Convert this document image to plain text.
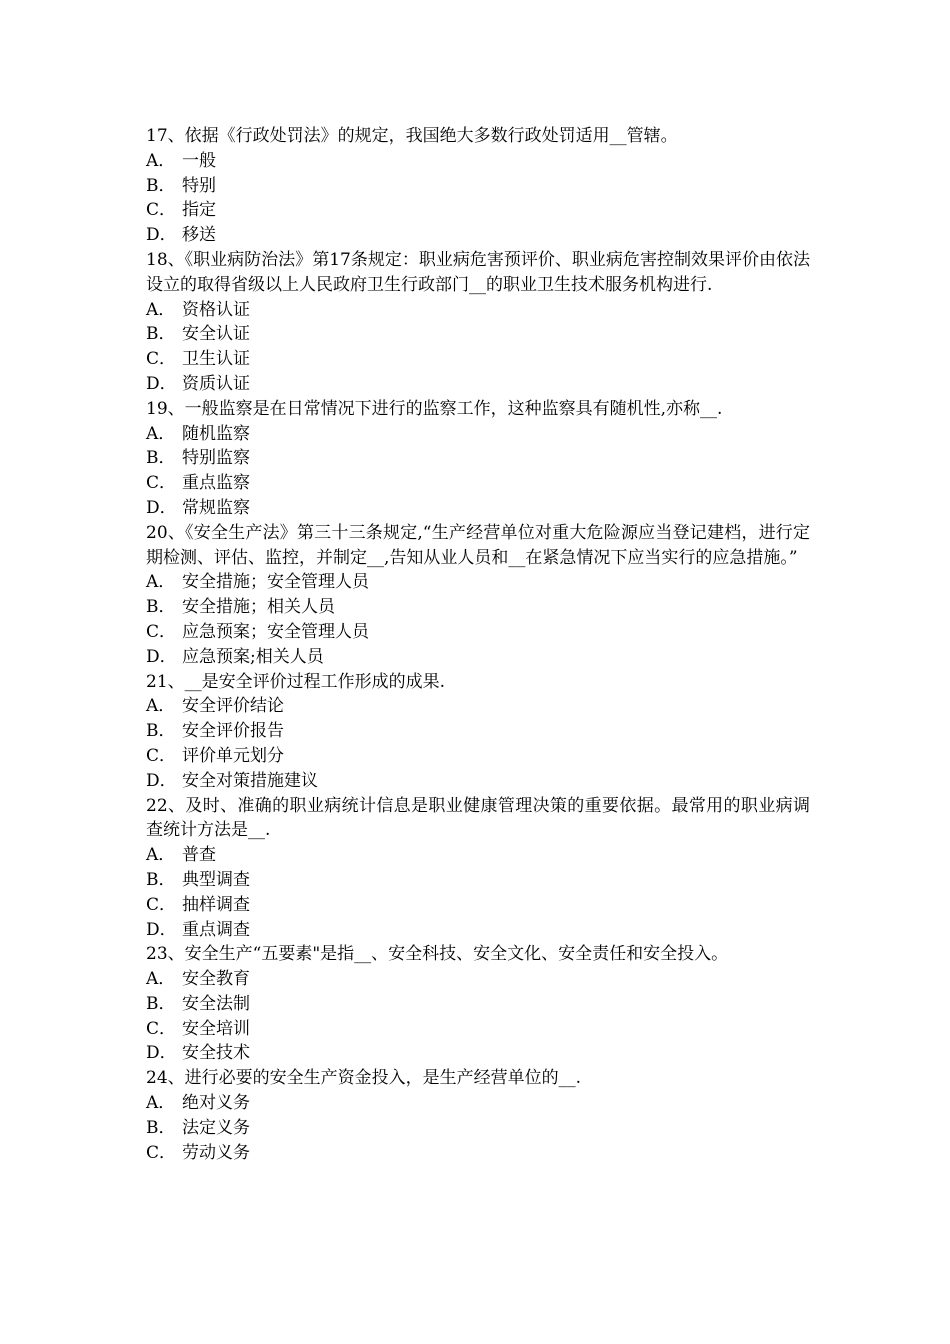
17、依据《行政处罚法》的规定，我国绝大多数行政处罚适用__管辖。

A． 一般

B． 特别

C． 指定

D． 移送

18、《职业病防治法》第17条规定：职业病危害预评价、职业病危害控制效果评价由依法设立的取得省级以上人民政府卫生行政部门__的职业卫生技术服务机构进行.

A． 资格认证

B． 安全认证

C． 卫生认证

D． 资质认证

19、一般监察是在日常情况下进行的监察工作，这种监察具有随机性,亦称__.

A． 随机监察

B． 特别监察

C． 重点监察

D． 常规监察

20、《安全生产法》第三十三条规定,“生产经营单位对重大危险源应当登记建档，进行定期检测、评估、监控，并制定__,告知从业人员和__在紧急情况下应当实行的应急措施。”

A． 安全措施；安全管理人员

B． 安全措施；相关人员

C． 应急预案；安全管理人员

D． 应急预案;相关人员

21、__是安全评价过程工作形成的成果.

A． 安全评价结论

B． 安全评价报告

C． 评价单元划分

D． 安全对策措施建议

22、及时、准确的职业病统计信息是职业健康管理决策的重要依据。最常用的职业病调查统计方法是__.

A． 普查

B． 典型调查

C． 抽样调查

D． 重点调查

23、安全生产“五要素"是指__、安全科技、安全文化、安全责任和安全投入。

A． 安全教育

B． 安全法制

C． 安全培训

D． 安全技术

24、进行必要的安全生产资金投入，是生产经营单位的__.

A． 绝对义务

B． 法定义务

C． 劳动义务
